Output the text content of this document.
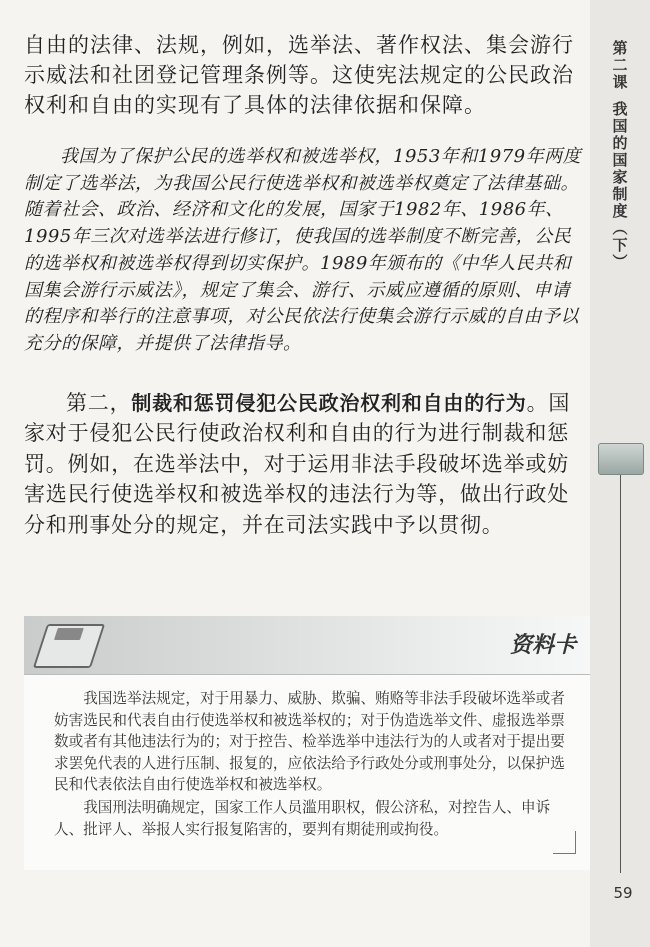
自由的法律、法规，例如，选举法、著作权法、集会游行示威法和社团登记管理条例等。这使宪法规定的公民政治权利和自由的实现有了具体的法律依据和保障。

我国为了保护公民的选举权和被选举权，1953年和1979年两度制定了选举法，为我国公民行使选举权和被选举权奠定了法律基础。随着社会、政治、经济和文化的发展，国家于1982年、1986年、1995年三次对选举法进行修订，使我国的选举制度不断完善，公民的选举权和被选举权得到切实保护。1989年颁布的《中华人民共和国集会游行示威法》，规定了集会、游行、示威应遵循的原则、申请的程序和举行的注意事项，对公民依法行使集会游行示威的自由予以充分的保障，并提供了法律指导。

第二，制裁和惩罚侵犯公民政治权利和自由的行为。国家对于侵犯公民行使政治权利和自由的行为进行制裁和惩罚。例如，在选举法中，对于运用非法手段破坏选举或妨害选民行使选举权和被选举权的违法行为等，做出行政处分和刑事处分的规定，并在司法实践中予以贯彻。

第二课
我国的国家制度（下）
资料卡

我国选举法规定，对于用暴力、威胁、欺骗、贿赂等非法手段破坏选举或者妨害选民和代表自由行使选举权和被选举权的；对于伪造选举文件、虚报选举票数或者有其他违法行为的；对于控告、检举选举中违法行为的人或者对于提出要求罢免代表的人进行压制、报复的，应依法给予行政处分或刑事处分，以保护选民和代表依法自由行使选举权和被选举权。

我国刑法明确规定，国家工作人员滥用职权，假公济私，对控告人、申诉人、批评人、举报人实行报复陷害的，要判有期徒刑或拘役。

59
